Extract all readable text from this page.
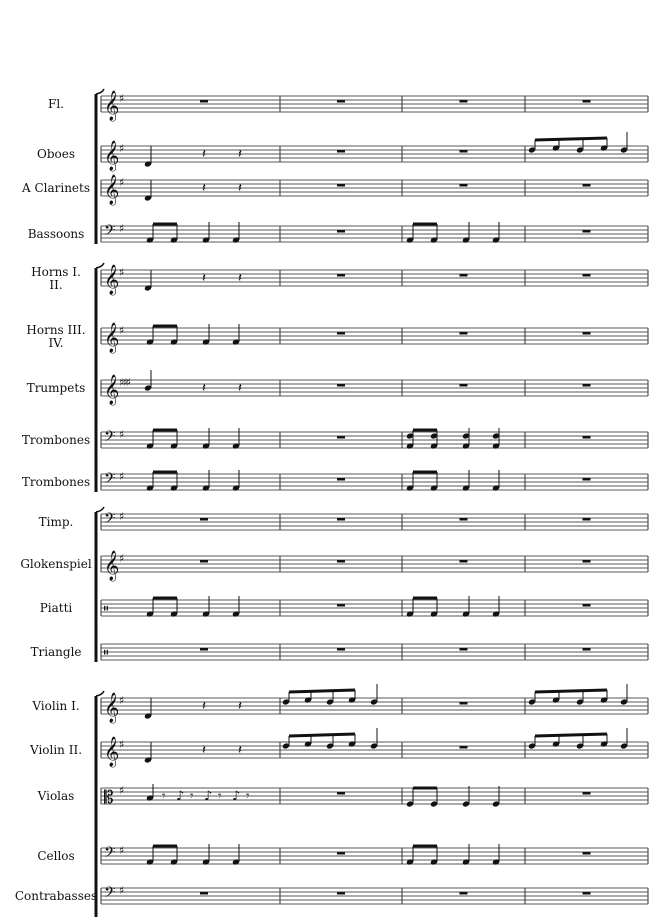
Fl.
Oboes
A Clarinets
Bassoons
Horns I.
II.
Horns III.
IV.
Trumpets
Trombones
Trombones
Timp.
Glokenspiel
Piatti
Triangle
Violin I.
Violin II.
Violas
Cellos
Contrabasses
𝄞 ♯
𝄞 ♯
𝄞 ♯
𝄢 ♯
𝄞 ♯
𝄞 ♯
𝄞 ♯♯♯
𝄢 ♯
𝄢 ♯
𝄢 ♯
𝄞 ♯
𝄥
𝄥
𝄞 ♯
𝄞 ♯
𝄡 ♯
𝄢 ♯
𝄢 ♯
𝄽 𝄽
𝄽 𝄽
𝄽 𝄽
𝄽 𝄽
𝄽 𝄽
𝄽 𝄽
𝄾 ♪ 𝄾 ♪ 𝄾 ♪ 𝄾
